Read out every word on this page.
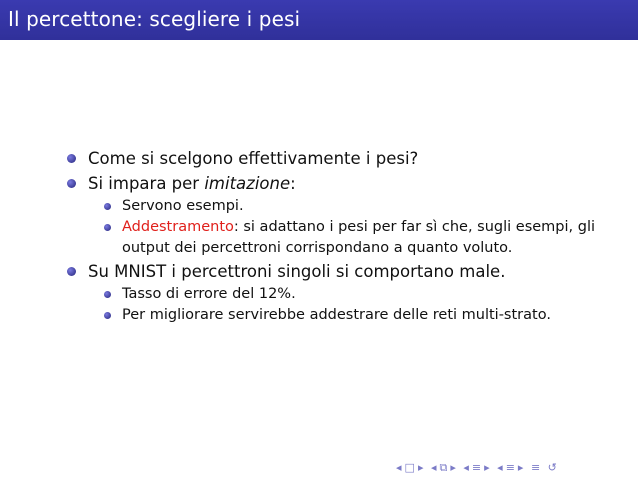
Il percettone: scegliere i pesi
Come si scelgono effettivamente i pesi?
Si impara per imitazione:
Servono esempi.
Addestramento: si adattano i pesi per far sì che, sugli esempi, gli output dei percettroni corrispondano a quanto voluto.
Su MNIST i percettroni singoli si comportano male.
Tasso di errore del 12%.
Per migliorare servirebbe addestrare delle reti multi-strato.
◂ □ ▸ ◂ ⧉ ▸ ◂ ≡ ▸ ◂ ≡ ▸ ≡ ↺
